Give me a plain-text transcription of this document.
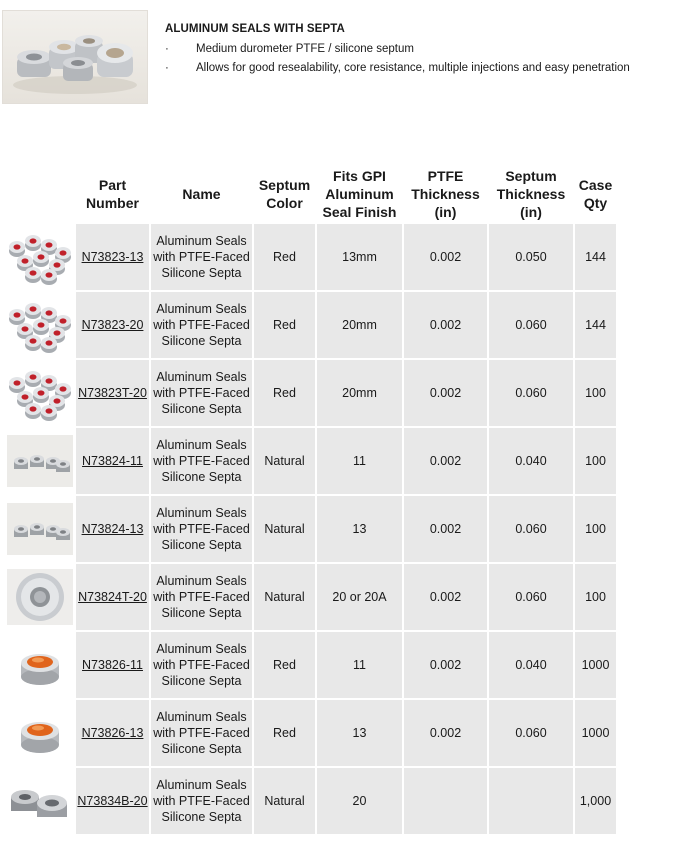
ALUMINUM SEALS WITH SEPTA
· Medium durometer PTFE / silicone septum
· Allows for good resealability, core resistance, multiple injections and easy penetration
	Part Number	Name	Septum Color	Fits GPI Aluminum Seal Finish	PTFE Thickness (in)	Septum Thickness (in)	Case Qty

	N73823-13	Aluminum Seals with PTFE-Faced Silicone Septa	Red	13mm	0.002	0.050	144

	N73823-20	Aluminum Seals with PTFE-Faced Silicone Septa	Red	20mm	0.002	0.060	144

	N73823T-20	Aluminum Seals with PTFE-Faced Silicone Septa	Red	20mm	0.002	0.060	100

	N73824-11	Aluminum Seals with PTFE-Faced Silicone Septa	Natural	11	0.002	0.040	100

	N73824-13	Aluminum Seals with PTFE-Faced Silicone Septa	Natural	13	0.002	0.060	100

	N73824T-20	Aluminum Seals with PTFE-Faced Silicone Septa	Natural	20 or 20A	0.002	0.060	100

	N73826-11	Aluminum Seals with PTFE-Faced Silicone Septa	Red	11	0.002	0.040	1000

	N73826-13	Aluminum Seals with PTFE-Faced Silicone Septa	Red	13	0.002	0.060	1000

	N73834B-20	Aluminum Seals with PTFE-Faced Silicone Septa	Natural	20			1,000
